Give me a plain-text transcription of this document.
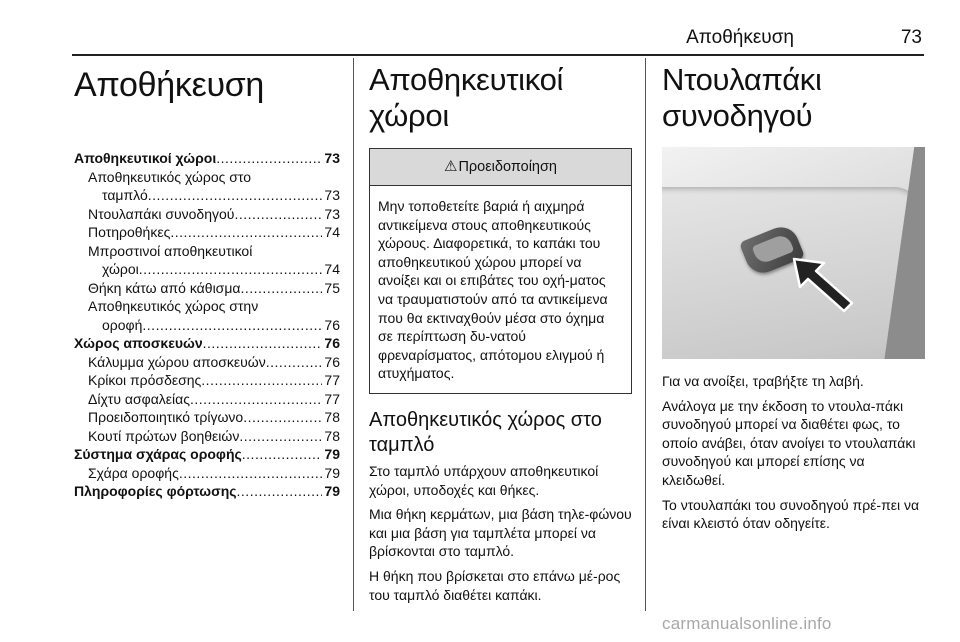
Αποθήκευση	73
Αποθήκευση
Αποθηκευτικοί χώροι .....	73
Αποθηκευτικός χώρος στο
ταμπλό .....	73
Ντουλαπάκι συνοδηγού .....	73
Ποτηροθήκες .....	74
Μπροστινοί αποθηκευτικοί
χώροι .....	74
Θήκη κάτω από κάθισμα .....	75
Αποθηκευτικός χώρος στην
οροφή .....	76
Χώρος αποσκευών .....	76
Κάλυμμα χώρου αποσκευών .....	76
Κρίκοι πρόσδεσης .....	77
Δίχτυ ασφαλείας .....	77
Προειδοποιητικό τρίγωνο .....	78
Κουτί πρώτων βοηθειών .....	78
Σύστημα σχάρας οροφής .....	79
Σχάρα οροφής .....	79
Πληροφορίες φόρτωσης .....	79
Αποθηκευτικοί χώροι
⚠Προειδοποίηση
Μην τοποθετείτε βαριά ή αιχμηρά αντικείμενα στους αποθηκευτικούς χώρους. Διαφορετικά, το καπάκι του αποθηκευτικού χώρου μπορεί να ανοίξει και οι επιβάτες του οχή-ματος να τραυματιστούν από τα αντικείμενα που θα εκτιναχθούν μέσα στο όχημα σε περίπτωση δυ-νατού φρεναρίσματος, απότομου ελιγμού ή ατυχήματος.
Αποθηκευτικός χώρος στο ταμπλό

Στο ταμπλό υπάρχουν αποθηκευτικοί χώροι, υποδοχές και θήκες.

Μια θήκη κερμάτων, μια βάση τηλε-φώνου και μια βάση για ταμπλέτα μπορεί να βρίσκονται στο ταμπλό.

Η θήκη που βρίσκεται στο επάνω μέ-ρος του ταμπλό διαθέτει καπάκι.

Ντουλαπάκι συνοδηγού

Για να ανοίξει, τραβήξτε τη λαβή.

Ανάλογα με την έκδοση το ντουλα-πάκι συνοδηγού μπορεί να διαθέτει φως, το οποίο ανάβει, όταν ανοίγει το ντουλαπάκι συνοδηγού και μπορεί επίσης να κλειδωθεί.

Το ντουλαπάκι του συνοδηγού πρέ-πει να είναι κλειστό όταν οδηγείτε.

carmanualsonline.info
